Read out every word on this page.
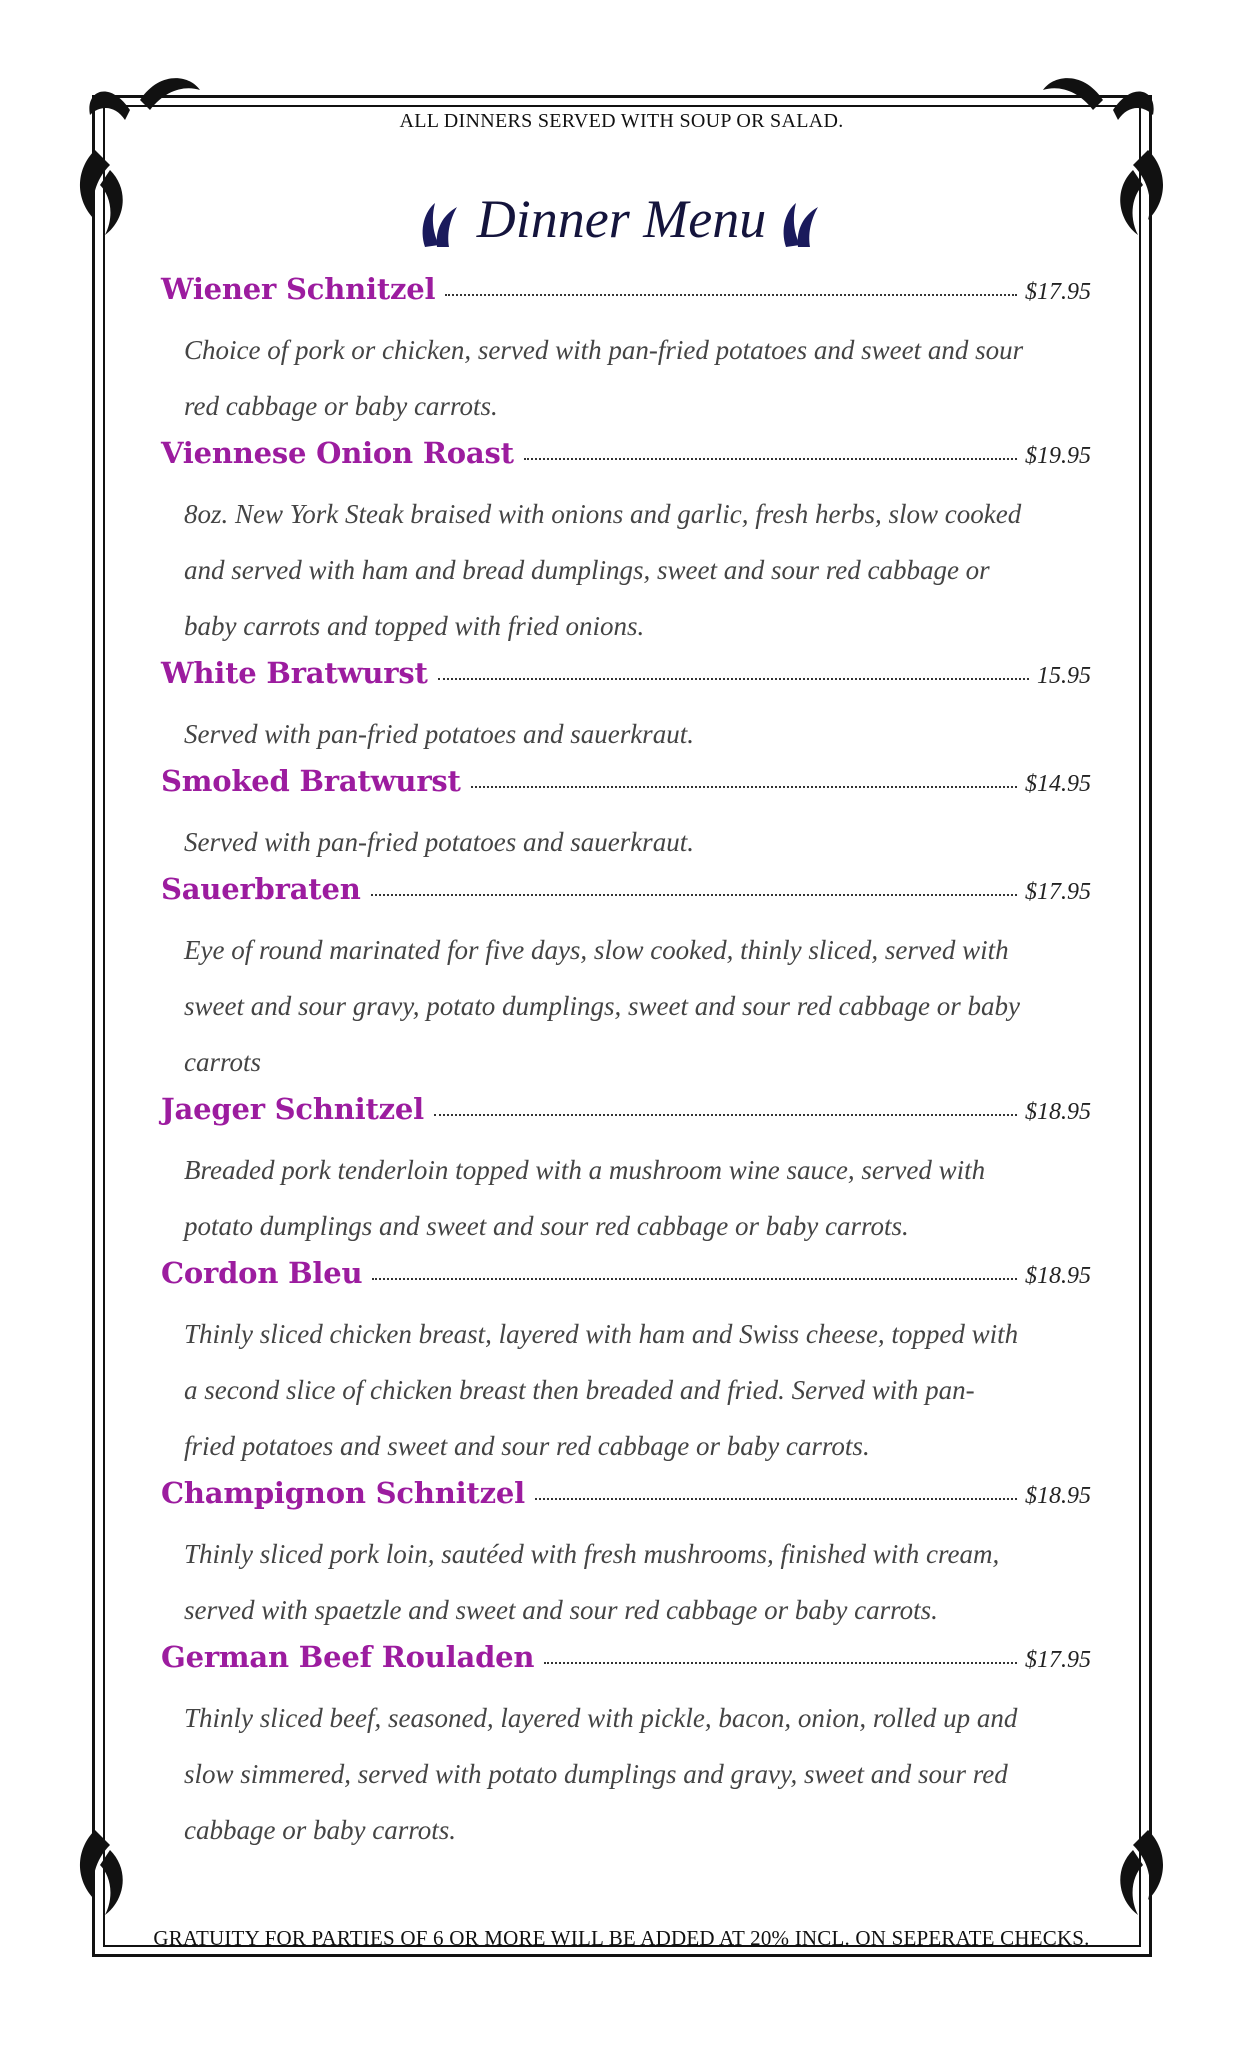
ALL DINNERS SERVED WITH SOUP OR SALAD.
Dinner Menu
Wiener Schnitzel	$17.95
Choice of pork or chicken, served with pan-fried potatoes and sweet and sour red cabbage or baby carrots.
Viennese Onion Roast	$19.95
8oz. New York Steak braised with onions and garlic, fresh herbs, slow cooked and served with ham and bread dumplings, sweet and sour red cabbage or baby carrots and topped with fried onions.
White Bratwurst	15.95
Served with pan-fried potatoes and sauerkraut.
Smoked Bratwurst	$14.95
Served with pan-fried potatoes and sauerkraut.
Sauerbraten	$17.95
Eye of round marinated for five days, slow cooked, thinly sliced, served with sweet and sour gravy, potato dumplings, sweet and sour red cabbage or baby carrots
Jaeger Schnitzel	$18.95
Breaded pork tenderloin topped with a mushroom wine sauce, served with potato dumplings and sweet and sour red cabbage or baby carrots.
Cordon Bleu	$18.95
Thinly sliced chicken breast, layered with ham and Swiss cheese, topped with a second slice of chicken breast then breaded and fried. Served with pan-fried potatoes and sweet and sour red cabbage or baby carrots.
Champignon Schnitzel	$18.95
Thinly sliced pork loin, sautéed with fresh mushrooms, finished with cream, served with spaetzle and sweet and sour red cabbage or baby carrots.
German Beef Rouladen	$17.95
Thinly sliced beef, seasoned, layered with pickle, bacon, onion, rolled up and slow simmered, served with potato dumplings and gravy, sweet and sour red cabbage or baby carrots.
GRATUITY FOR PARTIES OF 6 OR MORE WILL BE ADDED AT 20% INCL. ON SEPERATE CHECKS.
